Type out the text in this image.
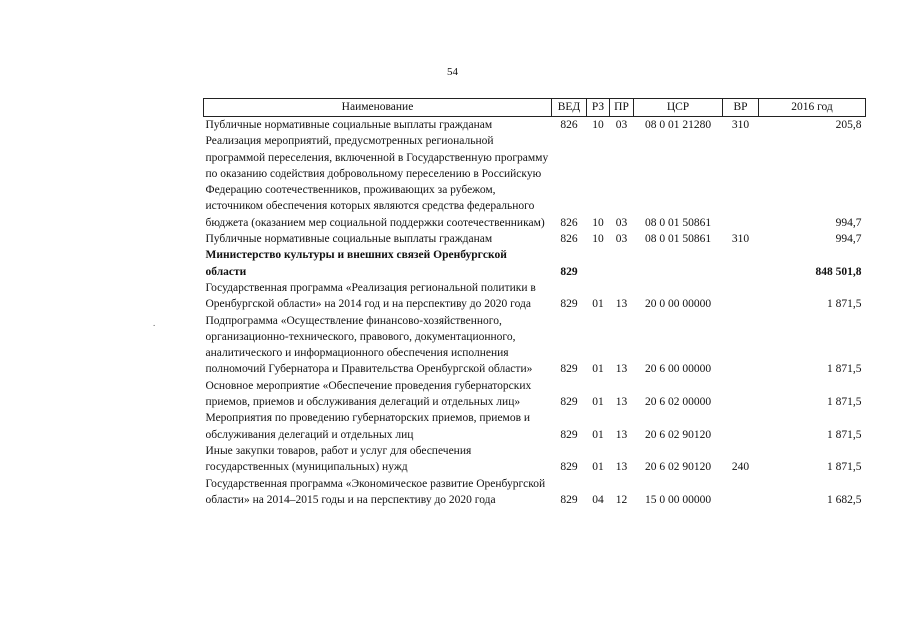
54
.
Наименование	ВЕД	РЗ	ПР	ЦСР	ВР	2016 год
Публичные нормативные социальные выплаты гражданам	826	10	03	08 0 01 21280	310	205,8
Реализация мероприятий, предусмотренных региональной программой переселения, включенной в Государственную программу по оказанию содействия добровольному переселению в Российскую Федерацию соотечественников, проживающих за рубежом, источником обеспечения которых являются средства федерального бюджета (оказанием мер социальной поддержки соотечественникам)	826	10	03	08 0 01 50861		994,7
Публичные нормативные социальные выплаты гражданам	826	10	03	08 0 01 50861	310	994,7
Министерство культуры и внешних связей Оренбургской области	829					848 501,8
Государственная программа «Реализация региональной политики в Оренбургской области» на 2014 год и на перспективу до 2020 года	829	01	13	20 0 00 00000		1 871,5
Подпрограмма «Осуществление финансово-хозяйственного, организационно-технического, правового, документационного, аналитического и информационного обеспечения исполнения полномочий Губернатора и Правительства Оренбургской области»	829	01	13	20 6 00 00000		1 871,5
Основное мероприятие «Обеспечение проведения губернаторских приемов, приемов и обслуживания делегаций и отдельных лиц»	829	01	13	20 6 02 00000		1 871,5
Мероприятия по проведению губернаторских приемов, приемов и обслуживания делегаций и отдельных лиц	829	01	13	20 6 02 90120		1 871,5
Иные закупки товаров, работ и услуг для обеспечения государственных (муниципальных) нужд	829	01	13	20 6 02 90120	240	1 871,5
Государственная программа «Экономическое развитие Оренбургской области» на 2014–2015 годы и на перспективу до 2020 года	829	04	12	15 0 00 00000		1 682,5
